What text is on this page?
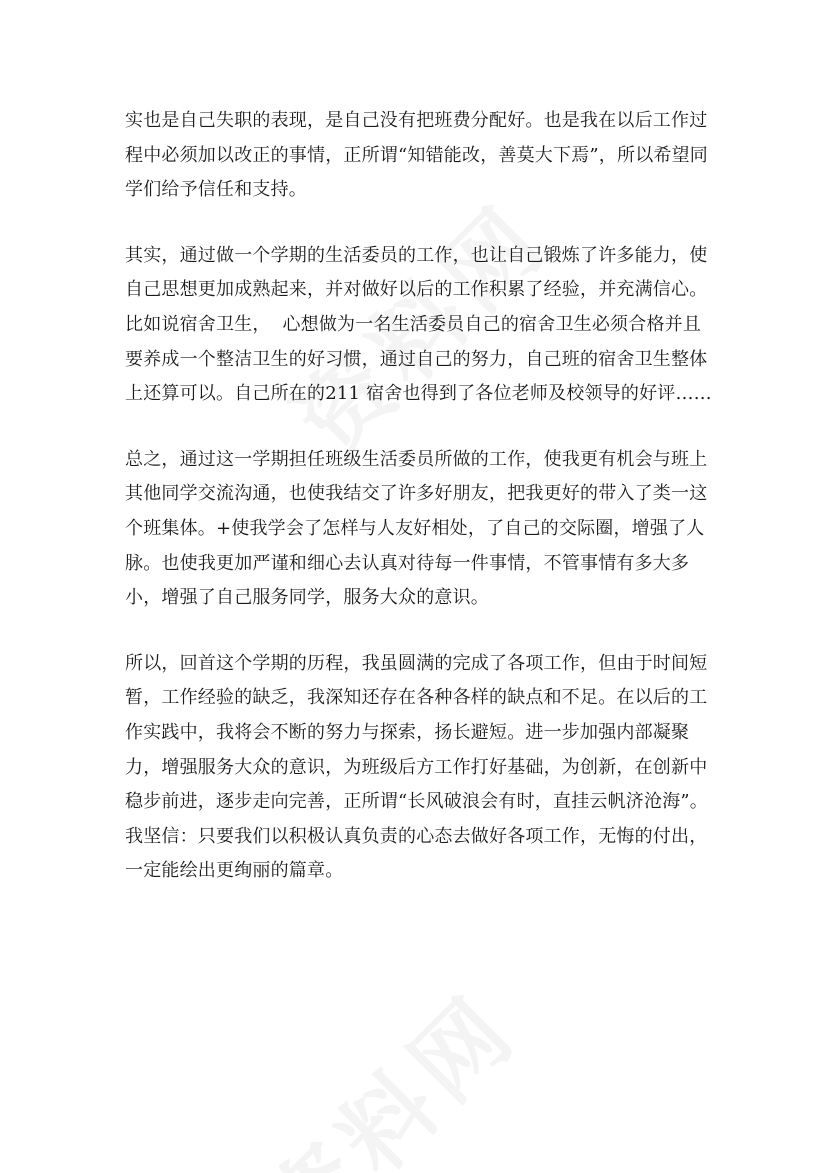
实也是自己失职的表现，是自己没有把班费分配好。也是我在以后工作过程中必须加以改正的事情，正所谓“知错能改，善莫大下焉”，所以希望同学们给予信任和支持。

其实，通过做一个学期的生活委员的工作，也让自己锻炼了许多能力，使自己思想更加成熟起来，并对做好以后的工作积累了经验，并充满信心。比如说宿舍卫生，  心想做为一名生活委员自己的宿舍卫生必须合格并且要养成一个整洁卫生的好习惯，通过自己的努力，自己班的宿舍卫生整体上还算可以。自己所在的211 宿舍也得到了各位老师及校领导的好评……

总之，通过这一学期担任班级生活委员所做的工作，使我更有机会与班上其他同学交流沟通，也使我结交了许多好朋友，把我更好的带入了类一这个班集体。+使我学会了怎样与人友好相处，了自己的交际圈，增强了人脉。也使我更加严谨和细心去认真对待每一件事情，不管事情有多大多小，增强了自己服务同学，服务大众的意识。

所以，回首这个学期的历程，我虽圆满的完成了各项工作，但由于时间短暂，工作经验的缺乏，我深知还存在各种各样的缺点和不足。在以后的工作实践中，我将会不断的努力与探索，扬长避短。进一步加强内部凝聚力，增强服务大众的意识，为班级后方工作打好基础，为创新，在创新中稳步前进，逐步走向完善，正所谓“长风破浪会有时，直挂云帆济沧海”。我坚信：只要我们以积极认真负责的心态去做好各项工作，无悔的付出，一定能绘出更绚丽的篇章。
